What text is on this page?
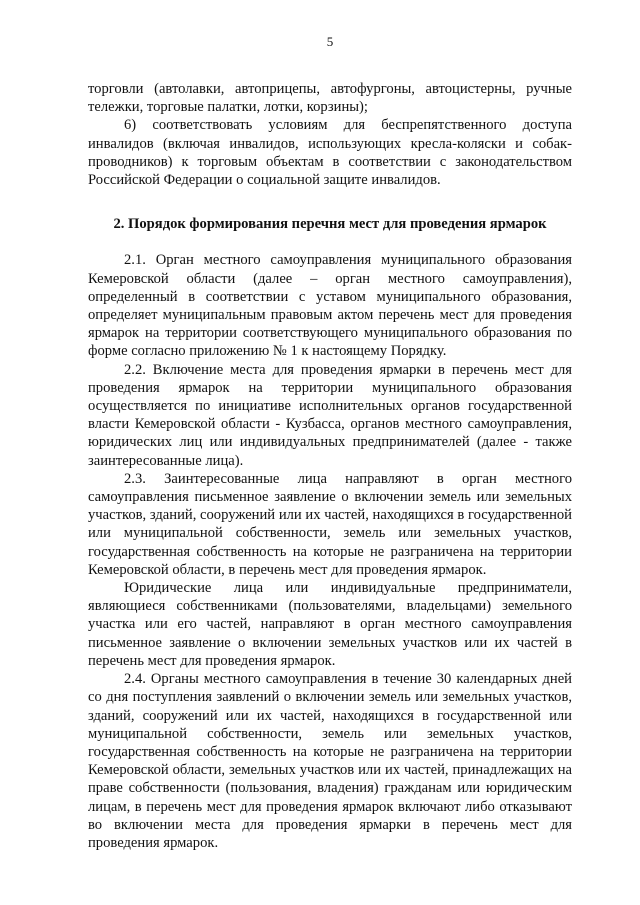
5

торговли (автолавки, автоприцепы, автофургоны, автоцистерны, ручные тележки, торговые палатки, лотки, корзины);

6) соответствовать условиям для беспрепятственного доступа инвалидов (включая инвалидов, использующих кресла-коляски и собак-проводников) к торговым объектам в соответствии с законодательством Российской Федерации о социальной защите инвалидов.

2. Порядок формирования перечня мест для проведения ярмарок

2.1. Орган местного самоуправления муниципального образования Кемеровской области (далее – орган местного самоуправления), определенный в соответствии с уставом муниципального образования, определяет муниципальным правовым актом перечень мест для проведения ярмарок на территории соответствующего муниципального образования по форме согласно приложению № 1 к настоящему Порядку.

2.2. Включение места для проведения ярмарки в перечень мест для проведения ярмарок на территории муниципального образования осуществляется по инициативе исполнительных органов государственной власти Кемеровской области - Кузбасса, органов местного самоуправления, юридических лиц или индивидуальных предпринимателей (далее - также заинтересованные лица).

2.3. Заинтересованные лица направляют в орган местного самоуправления письменное заявление о включении земель или земельных участков, зданий, сооружений или их частей, находящихся в государственной или муниципальной собственности, земель или земельных участков, государственная собственность на которые не разграничена на территории Кемеровской области, в перечень мест для проведения ярмарок.

Юридические лица или индивидуальные предприниматели, являющиеся собственниками (пользователями, владельцами) земельного участка или его частей, направляют в орган местного самоуправления письменное заявление о включении земельных участков или их частей в перечень мест для проведения ярмарок.

2.4. Органы местного самоуправления в течение 30 календарных дней со дня поступления заявлений о включении земель или земельных участков, зданий, сооружений или их частей, находящихся в государственной или муниципальной собственности, земель или земельных участков, государственная собственность на которые не разграничена на территории Кемеровской области, земельных участков или их частей, принадлежащих на праве собственности (пользования, владения) гражданам или юридическим лицам, в перечень мест для проведения ярмарок включают либо отказывают во включении места для проведения ярмарки в перечень мест для проведения ярмарок.
